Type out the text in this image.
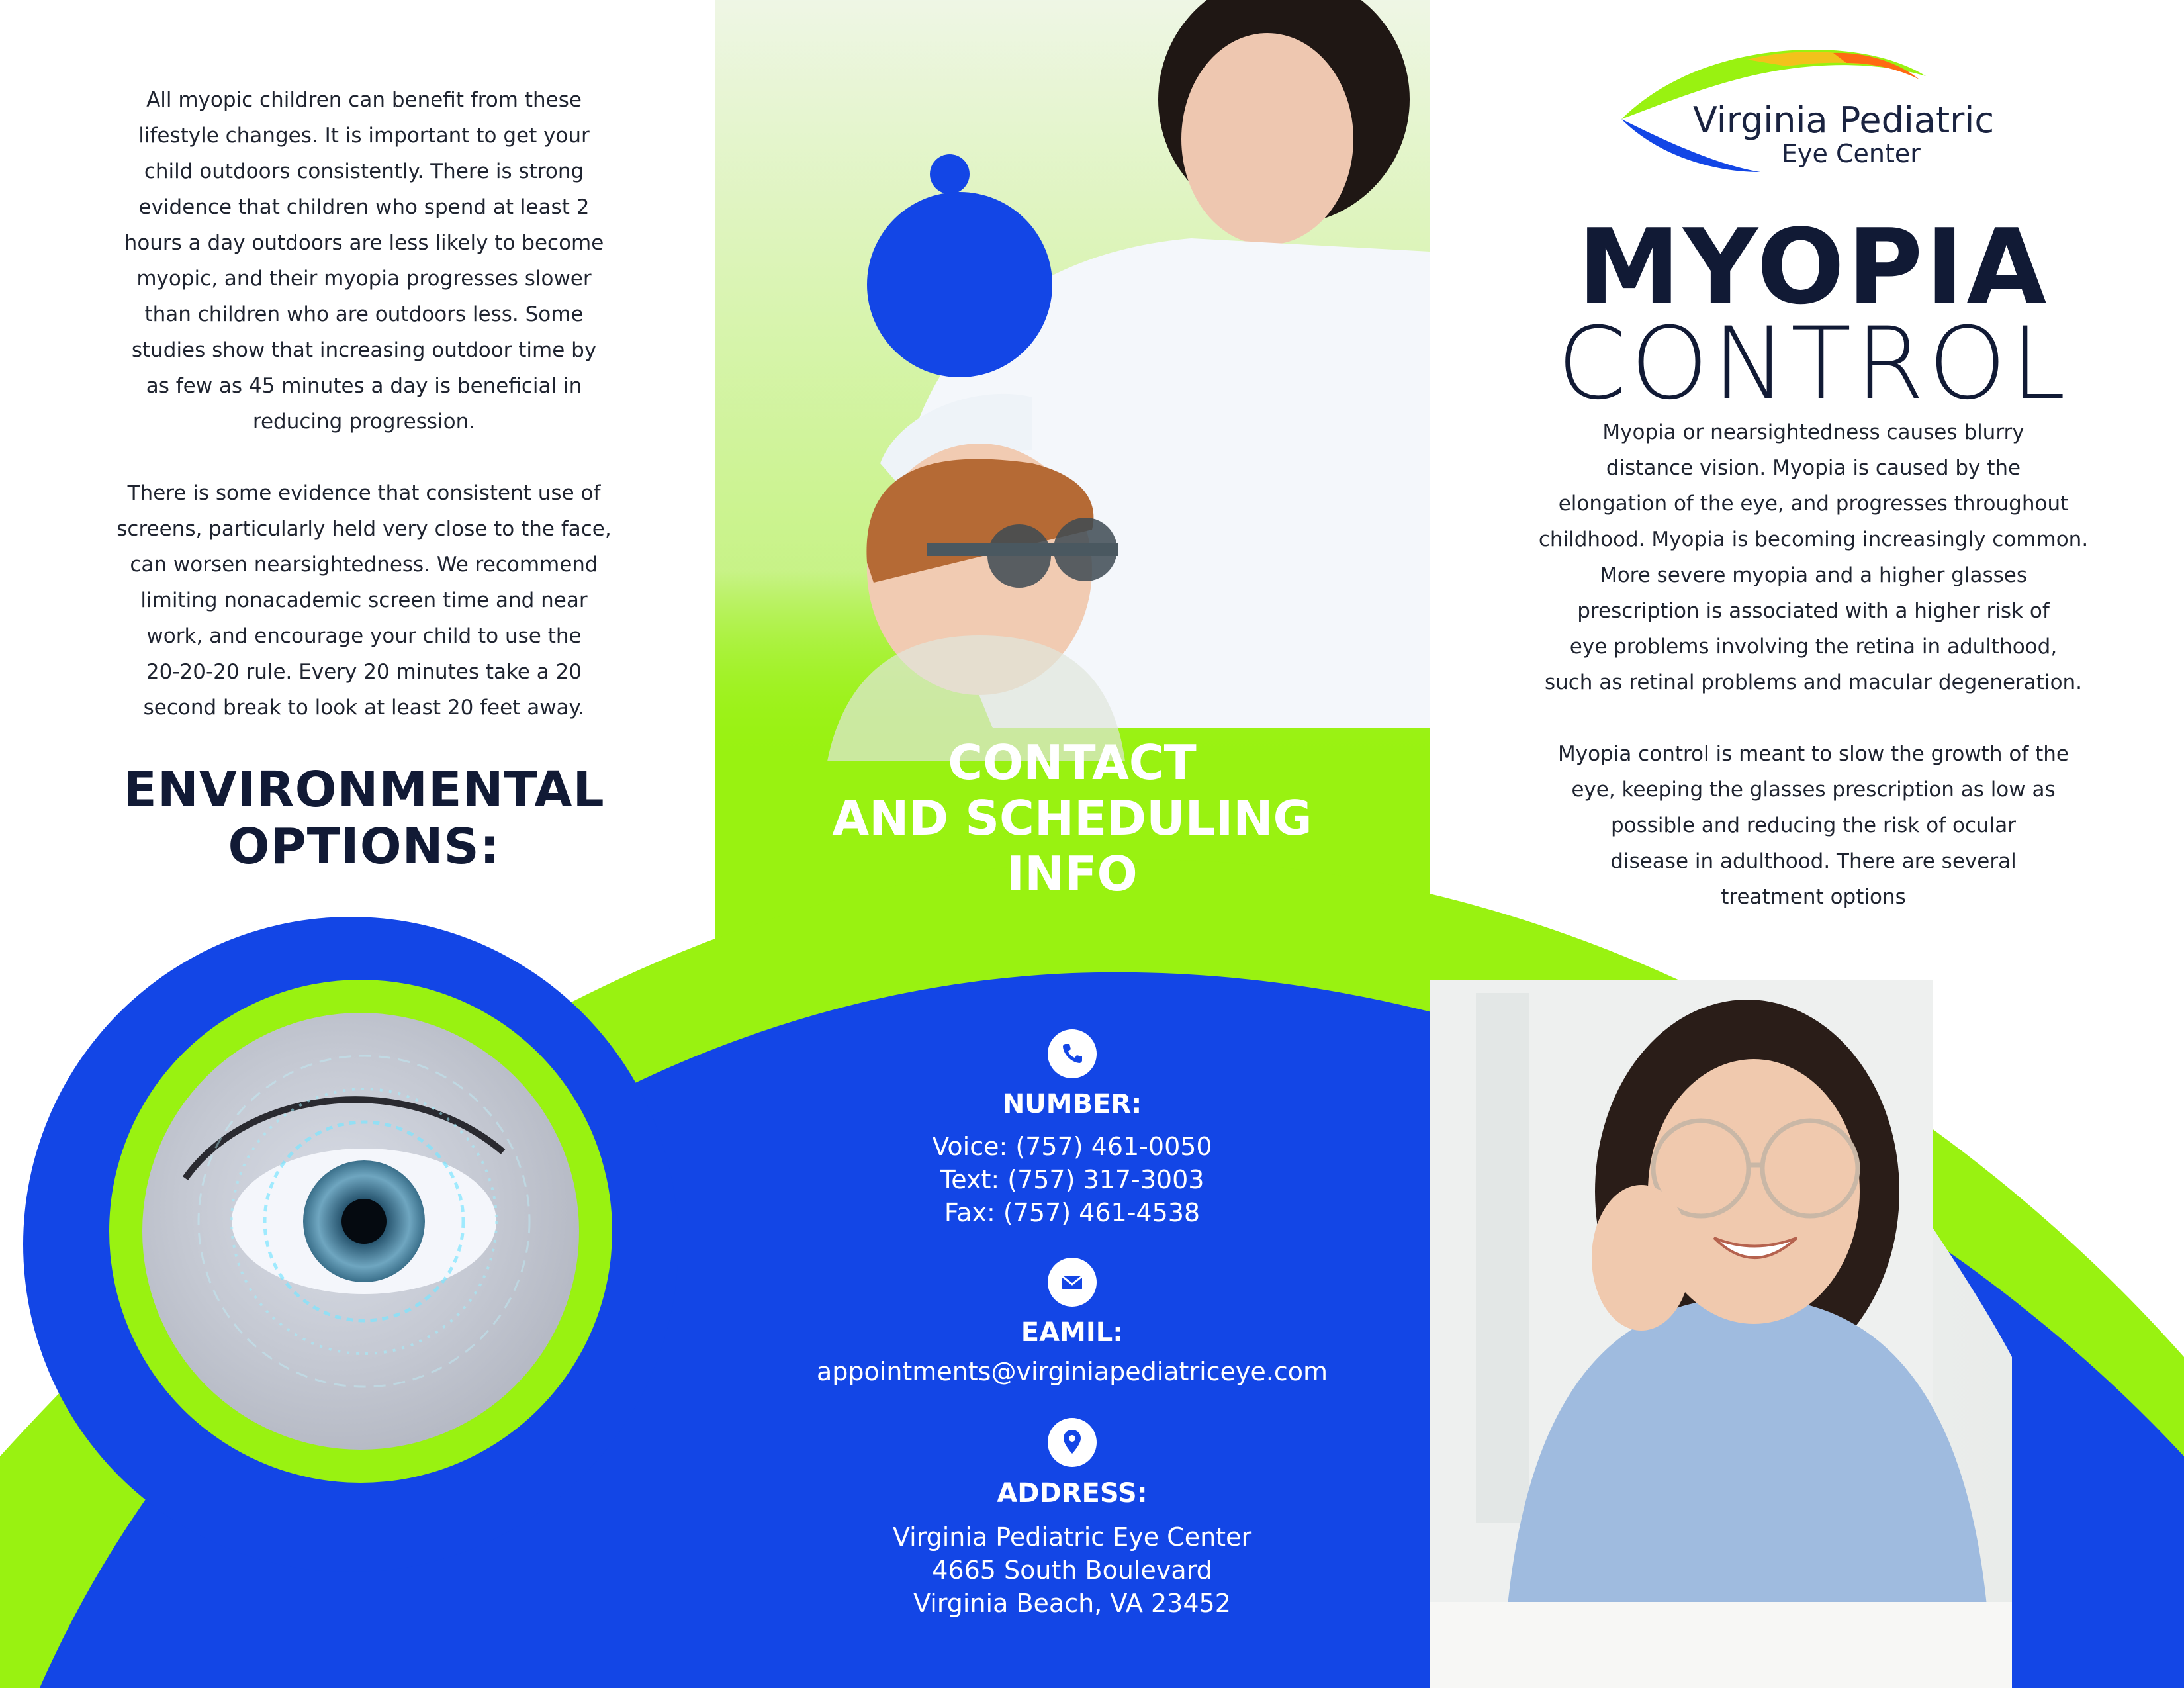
All myopic children can benefit from these
lifestyle changes. It is important to get your
child outdoors consistently. There is strong
evidence that children who spend at least 2
hours a day outdoors are less likely to become
myopic, and their myopia progresses slower
than children who are outdoors less. Some
studies show that increasing outdoor time by
as few as 45 minutes a day is beneficial in
reducing progression.

There is some evidence that consistent use of
screens, particularly held very close to the face,
can worsen nearsightedness. We recommend
limiting nonacademic screen time and near
work, and encourage your child to use the
20-20-20 rule. Every 20 minutes take a 20
second break to look at least 20 feet away.

ENVIRONMENTAL
OPTIONS:
CONTACT
AND SCHEDULING
INFO
NUMBER:

Voice: (757) 461-0050

Text: (757) 317-3003

Fax: (757) 461-4538

EAMIL:

appointments@virginiapediatriceye.com

ADDRESS:

Virginia Pediatric Eye Center

4665 South Boulevard

Virginia Beach, VA 23452

Virginia Pediatric
Eye Center
MYOPIA
CONTROL

Myopia or nearsightedness causes blurry
distance vision. Myopia is caused by the
elongation of the eye, and progresses throughout
childhood. Myopia is becoming increasingly common.
More severe myopia and a higher glasses
prescription is associated with a higher risk of
eye problems involving the retina in adulthood,
such as retinal problems and macular degeneration.

Myopia control is meant to slow the growth of the
eye, keeping the glasses prescription as low as
possible and reducing the risk of ocular
disease in adulthood. There are several
treatment options
